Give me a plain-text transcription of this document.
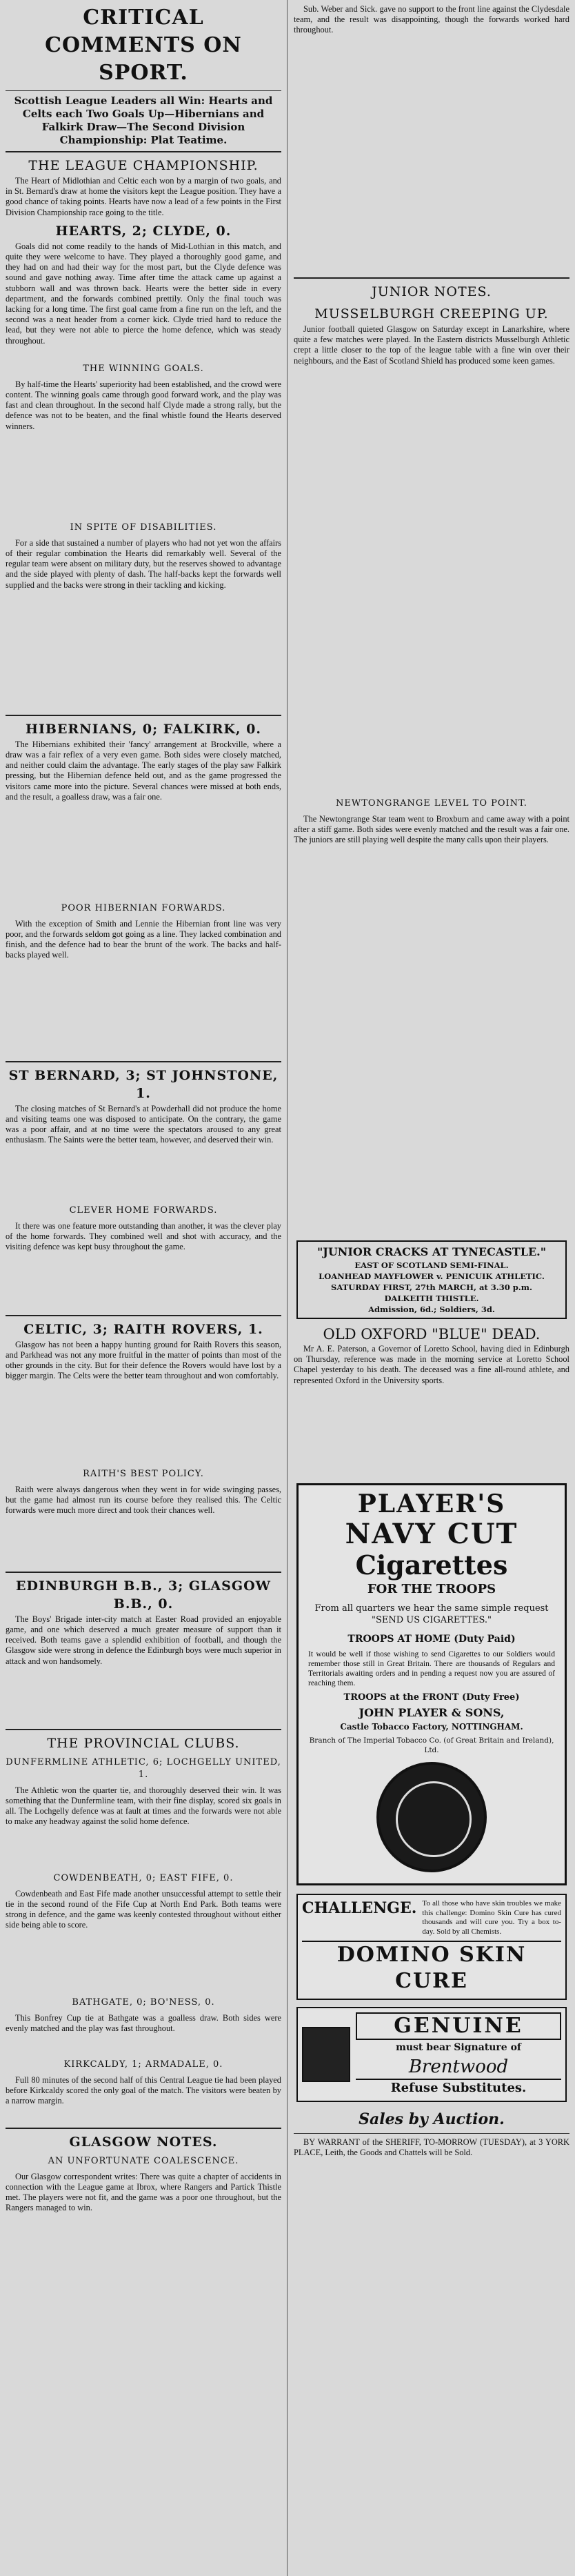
CRITICAL COMMENTS ON SPORT.
Scottish League Leaders all Win: Hearts and Celts each Two Goals Up—Hibernians and Falkirk Draw—The Second Division Championship: Plat Teatime.
THE LEAGUE CHAMPIONSHIP.

The Heart of Midlothian and Celtic each won by a margin of two goals, and in St. Bernard's draw at home the visitors kept the League position. They have a good chance of taking points. Hearts have now a lead of a few points in the First Division Championship race going to the title.

HEARTS, 2; CLYDE, 0.

Goals did not come readily to the hands of Mid-Lothian in this match, and quite they were welcome to have. They played a thoroughly good game, and they had on and had their way for the most part, but the Clyde defence was sound and gave nothing away. Time after time the attack came up against a stubborn wall and was thrown back. Hearts were the better side in every department, and the forwards combined prettily. Only the final touch was lacking for a long time. The first goal came from a fine run on the left, and the second was a neat header from a corner kick. Clyde tried hard to reduce the lead, but they were not able to pierce the home defence, which was steady throughout.

THE WINNING GOALS.

By half-time the Hearts' superiority had been established, and the crowd were content. The winning goals came through good forward work, and the play was fast and clean throughout. In the second half Clyde made a strong rally, but the defence was not to be beaten, and the final whistle found the Hearts deserved winners.

IN SPITE OF DISABILITIES.

For a side that sustained a number of players who had not yet won the affairs of their regular combination the Hearts did remarkably well. Several of the regular team were absent on military duty, but the reserves showed to advantage and the side played with plenty of dash. The half-backs kept the forwards well supplied and the backs were strong in their tackling and kicking.

HIBERNIANS, 0; FALKIRK, 0.

The Hibernians exhibited their 'fancy' arrangement at Brockville, where a draw was a fair reflex of a very even game. Both sides were closely matched, and neither could claim the advantage. The early stages of the play saw Falkirk pressing, but the Hibernian defence held out, and as the game progressed the visitors came more into the picture. Several chances were missed at both ends, and the result, a goalless draw, was a fair one.

POOR HIBERNIAN FORWARDS.

With the exception of Smith and Lennie the Hibernian front line was very poor, and the forwards seldom got going as a line. They lacked combination and finish, and the defence had to bear the brunt of the work. The backs and half-backs played well.

ST BERNARD, 3; ST JOHNSTONE, 1.

The closing matches of St Bernard's at Powderhall did not produce the home and visiting teams one was disposed to anticipate. On the contrary, the game was a poor affair, and at no time were the spectators aroused to any great enthusiasm. The Saints were the better team, however, and deserved their win.

CLEVER HOME FORWARDS.

It there was one feature more outstanding than another, it was the clever play of the home forwards. They combined well and shot with accuracy, and the visiting defence was kept busy throughout the game.

CELTIC, 3; RAITH ROVERS, 1.

Glasgow has not been a happy hunting ground for Raith Rovers this season, and Parkhead was not any more fruitful in the matter of points than most of the other grounds in the city. But for their defence the Rovers would have lost by a bigger margin. The Celts were the better team throughout and won comfortably.

RAITH'S BEST POLICY.

Raith were always dangerous when they went in for wide swinging passes, but the game had almost run its course before they realised this. The Celtic forwards were much more direct and took their chances well.

EDINBURGH B.B., 3; GLASGOW B.B., 0.

The Boys' Brigade inter-city match at Easter Road provided an enjoyable game, and one which deserved a much greater measure of support than it received. Both teams gave a splendid exhibition of football, and though the Glasgow side were strong in defence the Edinburgh boys were much superior in attack and won handsomely.

THE PROVINCIAL CLUBS.
DUNFERMLINE ATHLETIC, 6; LOCHGELLY UNITED, 1.

The Athletic won the quarter tie, and thoroughly deserved their win. It was something that the Dunfermline team, with their fine display, scored six goals in all. The Lochgelly defence was at fault at times and the forwards were not able to make any headway against the solid home defence.

COWDENBEATH, 0; EAST FIFE, 0.

Cowdenbeath and East Fife made another unsuccessful attempt to settle their tie in the second round of the Fife Cup at North End Park. Both teams were strong in defence, and the game was keenly contested throughout without either side being able to score.

BATHGATE, 0; BO'NESS, 0.

This Bonfrey Cup tie at Bathgate was a goalless draw. Both sides were evenly matched and the play was fast throughout.

KIRKCALDY, 1; ARMADALE, 0.

Full 80 minutes of the second half of this Central League tie had been played before Kirkcaldy scored the only goal of the match. The visitors were beaten by a narrow margin.

GLASGOW NOTES.
AN UNFORTUNATE COALESCENCE.

Our Glasgow correspondent writes: There was quite a chapter of accidents in connection with the League game at Ibrox, where Rangers and Partick Thistle met. The players were not fit, and the game was a poor one throughout, but the Rangers managed to win.

Sub. Weber and Sick. gave no support to the front line against the Clydesdale team, and the result was disappointing, though the forwards worked hard throughout.

JUNIOR NOTES.
MUSSELBURGH CREEPING UP.

Junior football quieted Glasgow on Saturday except in Lanarkshire, where quite a few matches were played. In the Eastern districts Musselburgh Athletic crept a little closer to the top of the league table with a fine win over their neighbours, and the East of Scotland Shield has produced some keen games.

NEWTONGRANGE LEVEL TO POINT.

The Newtongrange Star team went to Broxburn and came away with a point after a stiff game. Both sides were evenly matched and the result was a fair one. The juniors are still playing well despite the many calls upon their players.

"JUNIOR CRACKS AT TYNECASTLE."
EAST OF SCOTLAND SEMI-FINAL.
LOANHEAD MAYFLOWER v. PENICUIK ATHLETIC.
SATURDAY FIRST, 27th MARCH, at 3.30 p.m.
DALKEITH THISTLE.
Admission, 6d.; Soldiers, 3d.
OLD OXFORD "BLUE" DEAD.

Mr A. E. Paterson, a Governor of Loretto School, having died in Edinburgh on Thursday, reference was made in the morning service at Loretto School Chapel yesterday to his death. The deceased was a fine all-round athlete, and represented Oxford in the University sports.

PLAYER'S
NAVY CUT
Cigarettes
FOR THE TROOPS
From all quarters we hear the same simple request "SEND US CIGARETTES."
TROOPS AT HOME (Duty Paid)
It would be well if those wishing to send Cigarettes to our Soldiers would remember those still in Great Britain. There are thousands of Regulars and Territorials awaiting orders and in pending a request now you are assured of reaching them.
TROOPS at the FRONT (Duty Free)
JOHN PLAYER & SONS,
Castle Tobacco Factory, NOTTINGHAM.
Branch of The Imperial Tobacco Co. (of Great Britain and Ireland), Ltd.
CHALLENGE. To all those who have skin troubles we make this challenge: Domino Skin Cure has cured thousands and will cure you. Try a box to-day. Sold by all Chemists.
DOMINO SKIN CURE
GENUINE
must bear Signature of
Brentwood
Refuse Substitutes.
Sales by Auction.

BY WARRANT of the SHERIFF, TO-MORROW (TUESDAY), at 3 YORK PLACE, Leith, the Goods and Chattels will be Sold.
